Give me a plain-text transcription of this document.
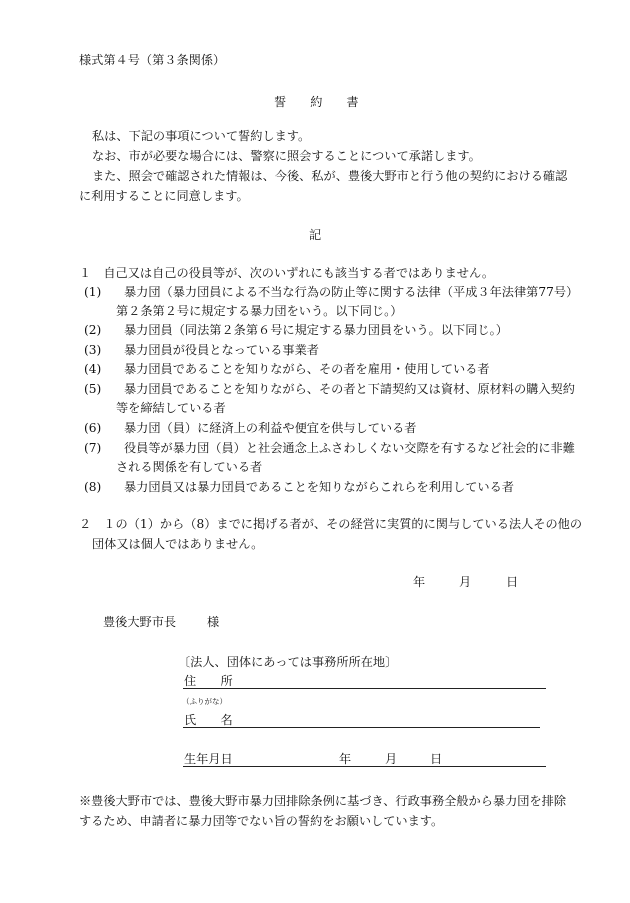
様式第４号（第３条関係）
誓 約 書
私は、下記の事項について誓約します。
なお、市が必要な場合には、警察に照会することについて承諾します。
また、照会で確認された情報は、今後、私が、豊後大野市と行う他の契約における確認
に利用することに同意します。
記
１　自己又は自己の役員等が、次のいずれにも該当する者ではありません。
(1) 暴力団（暴力団員による不当な行為の防止等に関する法律（平成３年法律第77号）
第２条第２号に規定する暴力団をいう。以下同じ。）
(2) 暴力団員（同法第２条第６号に規定する暴力団員をいう。以下同じ。）
(3) 暴力団員が役員となっている事業者
(4) 暴力団員であることを知りながら、その者を雇用・使用している者
(5) 暴力団員であることを知りながら、その者と下請契約又は資材、原材料の購入契約
等を締結している者
(6) 暴力団（員）に経済上の利益や便宜を供与している者
(7) 役員等が暴力団（員）と社会通念上ふさわしくない交際を有するなど社会的に非難
される関係を有している者
(8) 暴力団員又は暴力団員であることを知りながらこれらを利用している者
２　１の（1）から（8）までに掲げる者が、その経営に実質的に関与している法人その他の
団体又は個人ではありません。
年	月	日
豊後大野市長	様
〔法人、団体にあっては事務所所在地〕
住　　所
（ふりがな）
氏　　名
生年月日	年	月	日
※豊後大野市では、豊後大野市暴力団排除条例に基づき、行政事務全般から暴力団を排除
するため、申請者に暴力団等でない旨の誓約をお願いしています。
